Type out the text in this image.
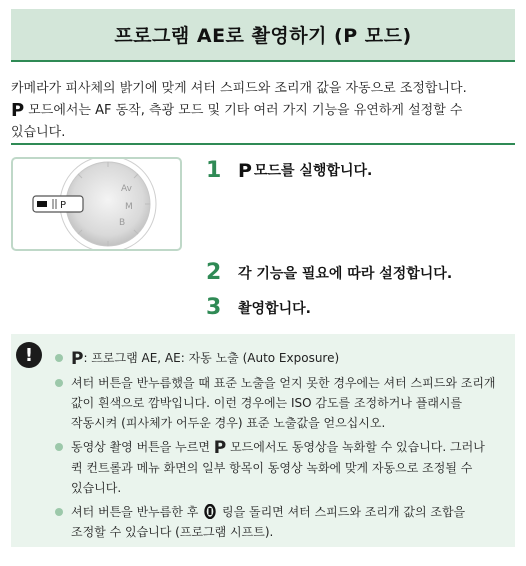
프로그램 AE로 촬영하기 (P 모드)
카메라가 피사체의 밝기에 맞게 셔터 스피드와 조리개 값을 자동으로 조정합니다.
P 모드에서는 AF 동작, 측광 모드 및 기타 여러 가지 기능을 유연하게 설정할 수
있습니다.
Av
M
B
P
1 P 모드를 실행합니다.
2	각 기능을 필요에 따라 설정합니다.
3	촬영합니다.
P: 프로그램 AE, AE: 자동 노출 (Auto Exposure)
셔터 버튼을 반누름했을 때 표준 노출을 얻지 못한 경우에는 셔터 스피드와 조리개
값이 흰색으로 깜박입니다. 이런 경우에는 ISO 감도를 조정하거나 플래시를
작동시켜 (피사체가 어두운 경우) 표준 노출값을 얻으십시오.
동영상 촬영 버튼을 누르면 P 모드에서도 동영상을 녹화할 수 있습니다. 그러나
퀵 컨트롤과 메뉴 화면의 일부 항목이 동영상 녹화에 맞게 자동으로 조정될 수
있습니다.
셔터 버튼을 반누름한 후  링을 돌리면 셔터 스피드와 조리개 값의 조합을
조정할 수 있습니다 (프로그램 시프트).
!
